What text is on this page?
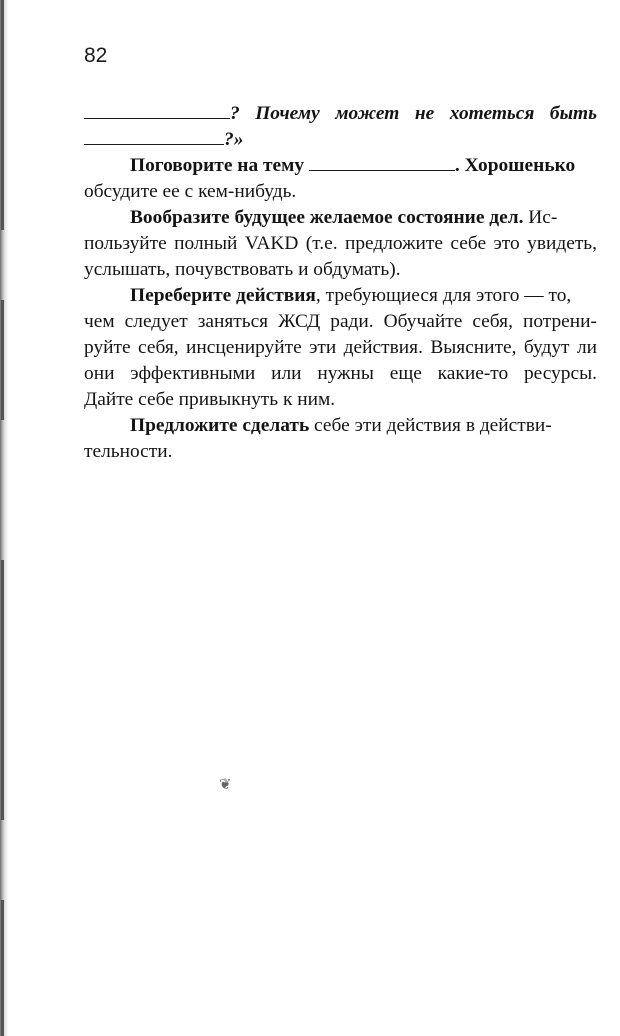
82

? Почему может не хотеться быть
?»

Поговорите на тему	. Хорошенько
обсудите ее с кем-нибудь.

Вообразите будущее желаемое состояние дел. Ис-
пользуйте полный VAKD (т.е. предложите себе это увидеть,
услышать, почувствовать и обдумать).

Переберите действия, требующиеся для этого — то,
чем следует заняться ЖСД ради. Обучайте себя, потрени-
руйте себя, инсценируйте эти действия. Выясните, будут ли
они эффективными или нужны еще какие-то ресурсы.
Дайте себе привыкнуть к ним.

Предложите сделать себе эти действия в действи-
тельности.

❦
